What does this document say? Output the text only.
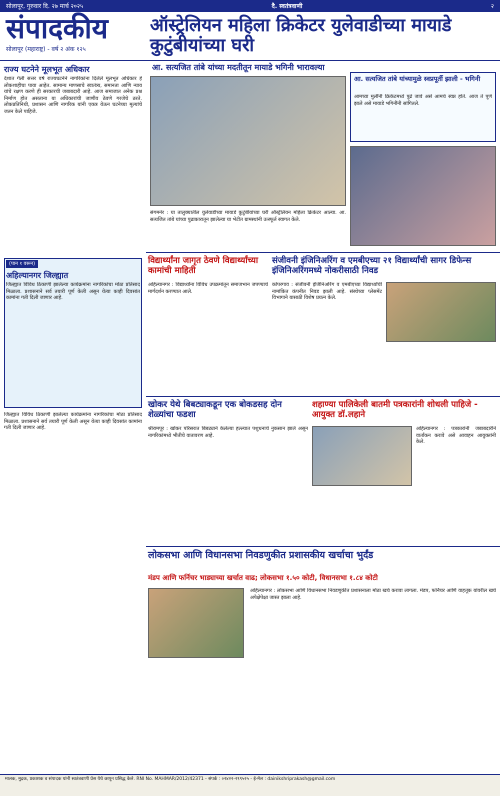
सोलापूर, गुरुवार दि. २७ मार्च २०२५	दै. स्वतंत्रवाणी	२
संपादकीय
सोलापूर (महाराष्ट्र) - वर्ष २ अंक १२५
ऑस्ट्रेलियन महिला क्रिकेटर युलेवाडीच्या मायाडे कुटुंबीयांच्या घरी
आ. सत्यजित तांबे यांच्या मदतीतून मायाडे भगिनी भारावल्या
राज्य घटनेने मूलभूत अधिकार
देशात गेली सत्तर वर्षे राज्यघटनेने नागरिकांना दिलेले मूलभूत अधिकार हे लोकशाहीचा पाया आहेत. सामान्य माणसाचे स्वातंत्र्य, समानता आणि न्याय यांचे रक्षण करणे ही सरकारची जबाबदारी आहे. आज समाजात अनेक प्रश्न निर्माण होत असताना या अधिकारांची जाणीव ठेवणे गरजेचे ठरते. लोकप्रतिनिधी, प्रशासन आणि नागरिक यांनी एकत्र येऊन घटनेच्या मूल्यांचे जतन केले पाहिजे.
(पान १ वरून)
अहिल्यानगर जिल्ह्यात
जिल्ह्यात विविध ठिकाणी झालेल्या कार्यक्रमांना नागरिकांचा मोठा प्रतिसाद मिळाला. प्रशासनाने सर्व तयारी पूर्ण केली असून येत्या काही दिवसांत कामांना गती दिली जाणार आहे.
संगमनेर : या तालुक्यातील युलेवाडीच्या मायाडे कुटुंबीयांच्या घरी ऑस्ट्रेलियन महिला क्रिकेटर आल्या. आ. सत्यजित तांबे यांच्या पुढाकारातून झालेल्या या भेटीत ग्रामस्थांनी उत्स्फूर्त स्वागत केले.
आ. सत्यजित तांबे यांच्यामुळे स्वप्नपूर्ती झाली - भगिनी
आमच्या मुलींनी क्रिकेटमध्ये पुढे जावे असे आमचे स्वप्न होते. आज ते पूर्ण झाले असे मायाडे भगिनींनी सांगितले.
विद्यार्थ्यांना जागृत ठेवणे विद्यार्थ्यांच्या कामांची माहिती
अहिल्यानगर : विद्यार्थ्यांना विविध उपक्रमांतून समाजभान जपण्याचे मार्गदर्शन करण्यात आले.
संजीवनी इंजिनिअरिंग व एमबीएच्या २१ विद्यार्थ्यांची सागर डिफेन्स इंजिनिअरिंगमध्ये नोकरीसाठी निवड
कोपरगाव : संजीवनी इंजिनिअरिंग व एमबीएच्या विद्यार्थ्यांची नामांकित कंपनीत निवड झाली आहे. संस्थेच्या प्लेसमेंट विभागाने यासाठी विशेष प्रयत्न केले.
खोकर येथे बिबट्याकडून एक बोकडसह दोन शेळ्यांचा फडशा
श्रीरामपूर : खोकर परिसरात बिबट्याने केलेल्या हल्ल्यात पशुधनाचे नुकसान झाले असून नागरिकांमध्ये भीतीचे वातावरण आहे.
शहाण्या पालिकेली बातमी पत्रकारांनी शोधली पाहिजे - आयुक्त डॉ.लहाने
अहिल्यानगर : पत्रकारांनी जबाबदारीने वार्तांकन करावे असे आवाहन आयुक्तांनी केले.
लोकसभा आणि विधानसभा निवडणुकीत प्रशासकीय खर्चाचा भुर्दंड
मंडप आणि फर्निचर भाड्याच्या खर्चात वाढ; लोकसभा १.५० कोटी, विधानसभा १.८४ कोटी
अहिल्यानगर : लोकसभा आणि विधानसभा निवडणुकीत प्रशासनाला मोठा खर्च करावा लागला. मंडप, फर्निचर आणि वाहतूक यांवरील खर्च अपेक्षेपेक्षा जास्त झाला आहे.
जिल्ह्यात विविध ठिकाणी झालेल्या कार्यक्रमांना नागरिकांचा मोठा प्रतिसाद मिळाला. प्रशासनाने सर्व तयारी पूर्ण केली असून येत्या काही दिवसांत कामांना गती दिली जाणार आहे.
मालक, मुद्रक, प्रकाशक व संपादक यांनी स्वतंत्रवाणी प्रेस येथे छापून प्रसिद्ध केले. RNI No. MAHMAR/2012/42371 - संपर्क : ०२४२२-२९९५२५ - ई-मेल : dainikshriprakash@gmail.com
